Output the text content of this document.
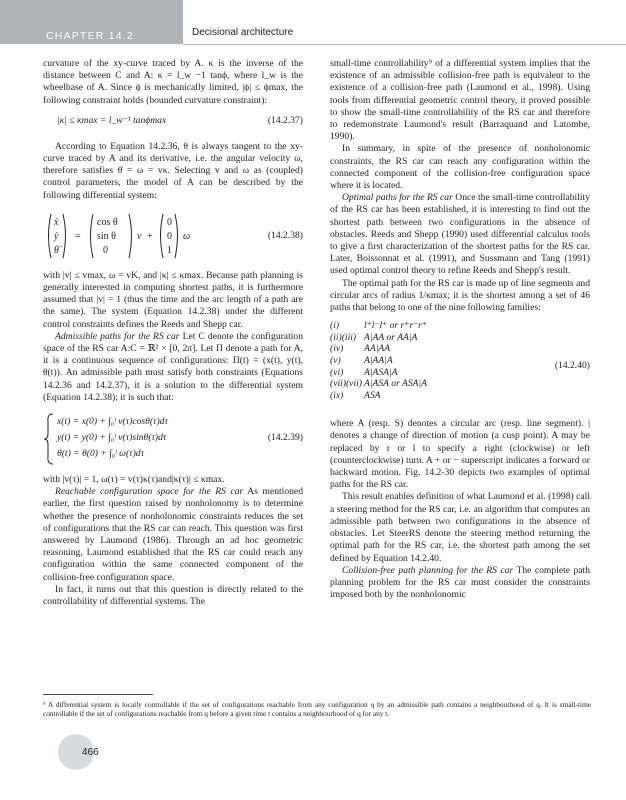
CHAPTER 14.2	Decisional architecture

curvature of the xy-curve traced by A. κ is the inverse of the distance between C and A: κ = l_w −1 tanϕ, where l_w is the wheelbase of A. Since ϕ is mechanically limited, |ϕ| ≤ ϕmax, the following constraint holds (bounded curvature constraint):

|κ| ≤ κmax = l_w⁻¹ tanϕmax	(14.2.37)

According to Equation 14.2.36, θ is always tangent to the xy-curve traced by A and its derivative, i.e. the angular velocity ω, therefore satisfies θ̇ = ω = vκ. Selecting v and ω as (coupled) control parameters, the model of A can be described by the following differential system:

ẋ
ẏ
θ̇
=
cos θ
sin θ
0
v +
0
0
1
ω	(14.2.38)

with |v| ≤ vmax, ω = vK, and |κ| ≤ κmax. Because path planning is generally interested in computing shortest paths, it is furthermore assumed that |v| = 1 (thus the time and the arc length of a path are the same). The system (Equation 14.2.38) under the different control constraints defines the Reeds and Shepp car.

Admissible paths for the RS car Let C denote the configuration space of the RS car A:C = ℝ² × [0, 2π]. Let Π denote a path for A, it is a continuous sequence of configurations: Π(t) = (x(t), y(t), θ(t)). An admissible path must satisfy both constraints (Equations 14.2.36 and 14.2.37), it is a solution to the differential system (Equation 14.2.38); it is such that:

x(t) = x(0) + ∫₀ᵗ v(τ)cosθ(τ)dτ
y(t) = y(0) + ∫₀ᵗ v(τ)sinθ(τ)dτ
θ(t) = θ(0) + ∫₀ᵗ ω(τ)dτ
(14.2.39)

with |v(τ)| = 1, ω(τ) = v(τ)κ(τ)and|κ(τ)| ≤ κmax.

Reachable configuration space for the RS car As mentioned earlier, the first question raised by nonholonomy is to determine whether the presence of nonholonomic constraints reduces the set of configurations that the RS car can reach. This question was first answered by Laumond (1986). Through an ad hoc geometric reasoning, Laumond established that the RS car could reach any configuration within the same connected component of the collision-free configuration space.

In fact, it turns out that this question is directly related to the controllability of differential systems. The

small-time controllability⁹ of a differential system implies that the existence of an admissible collision-free path is equivalent to the existence of a collision-free path (Laumond et al., 1998). Using tools from differential geometric control theory, it proved possible to show the small-time controllability of the RS car and therefore to redemonstrate Laumond's result (Barraquand and Latombe, 1990).

In summary, in spite of the presence of nonholonomic constraints, the RS car can reach any configuration within the connected component of the collision-free configuration space where it is located.

Optimal paths for the RS car Once the small-time controllability of the RS car has been established, it is interesting to find out the shortest path between two configurations in the absence of obstacles. Reeds and Shepp (1990) used differential calculus tools to give a first characterization of the shortest paths for the RS car. Later, Boissonnat et al. (1991), and Sussmann and Tang (1991) used optimal control theory to refine Reeds and Shepp's result.

The optimal path for the RS car is made up of line segments and circular arcs of radius 1/κmax; it is the shortest among a set of 46 paths that belong to one of the nine following families:

(i)	l⁺l⁻l⁺ or r⁺r⁻r⁺
(ii)(iii) A|AA or AA|A
(iv) AA|AA
(v) A|AA|A
(vi) A|ASA|A
(vii)(vii) A|ASA or ASA|A
(ix) ASA
(14.2.40)

where A (resp. S) denotes a circular arc (resp. line segment). | denotes a change of direction of motion (a cusp point). A may be replaced by r or l to specify a right (clockwise) or left (counterclockwise) turn. A + or − superscript indicates a forward or backward motion. Fig. 14.2-30 depicts two examples of optimal paths for the RS car.

This result enables definition of what Laumond et al. (1998) call a steering method for the RS car, i.e. an algorithm that computes an admissible path between two configurations in the absence of obstacles. Let SteerRS denote the steering method returning the optimal path for the RS car, i.e. the shortest path among the set defined by Equation 14.2.40.

Collision-free path planning for the RS car The complete path planning problem for the RS car must consider the constraints imposed both by the nonholonomic

⁹ A differential system is locally controllable if the set of configurations reachable from any configuration q by an admissible path contains a neighbourhood of q. It is small-time controllable if the set of configurations reachable from q before a given time t contains a neighbourhood of q for any t.
466
